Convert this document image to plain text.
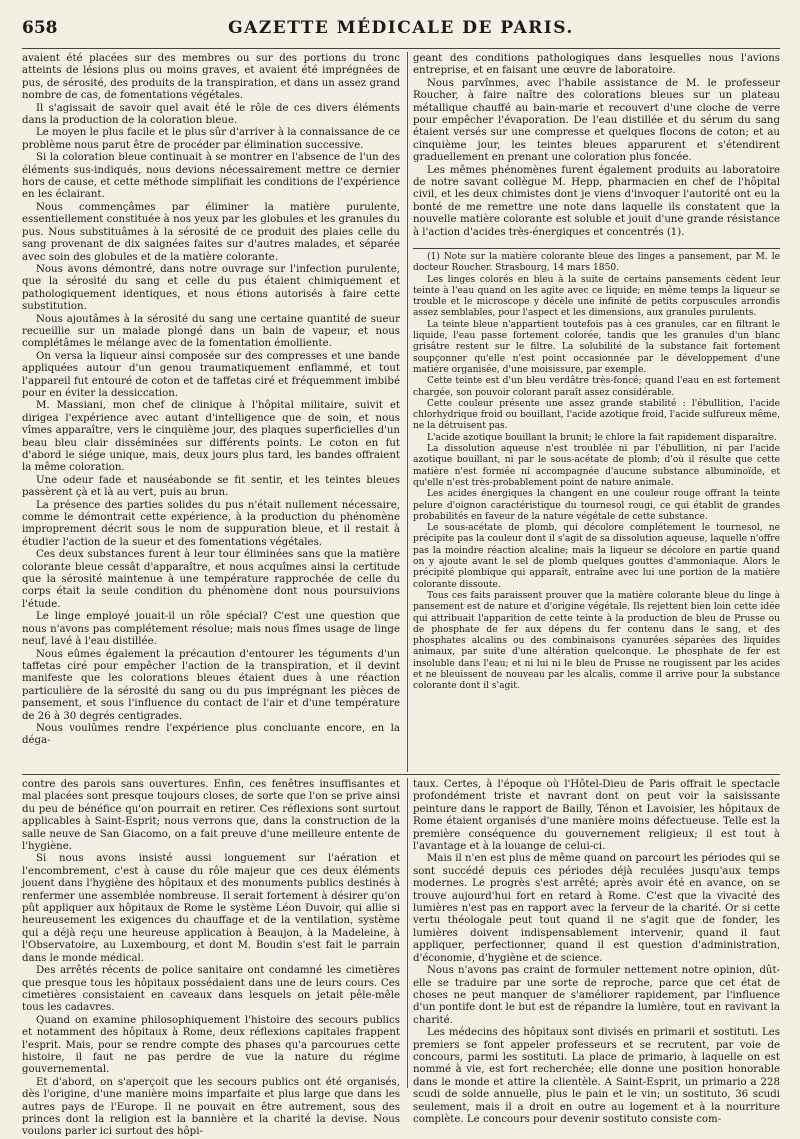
658	GAZETTE MÉDICALE DE PARIS.

avaient été placées sur des membres ou sur des portions du tronc atteints de lésions plus ou moins graves, et avaient été imprégnées de pus, de sérosité, des produits de la transpiration, et dans un assez grand nombre de cas, de fomentations végétales.

Il s'agissait de savoir quel avait été le rôle de ces divers éléments dans la production de la coloration bleue.

Le moyen le plus facile et le plus sûr d'arriver à la connaissance de ce problème nous parut être de procéder par élimination successive.

Si la coloration bleue continuait à se montrer en l'absence de l'un des éléments sus-indiqués, nous devions nécessairement mettre ce dernier hors de cause, et cette méthode simplifiait les conditions de l'expérience en les éclairant.

Nous commençâmes par éliminer la matière purulente, essentiellement constituée à nos yeux par les globules et les granules du pus. Nous substituâmes à la sérosité de ce produit des plaies celle du sang provenant de dix saignées faites sur d'autres malades, et séparée avec soin des globules et de la matière colorante.

Nous avons démontré, dans notre ouvrage sur l'infection purulente, que la sérosité du sang et celle du pus étaient chimiquement et pathologiquement identiques, et nous étions autorisés à faire cette substitution.

Nous ajoutâmes à la sérosité du sang une certaine quantité de sueur recueillie sur un malade plongé dans un bain de vapeur, et nous complétâmes le mélange avec de la fomentation émolliente.

On versa la liqueur ainsi composée sur des compresses et une bande appliquées autour d'un genou traumatiquement enflammé, et tout l'appareil fut entouré de coton et de taffetas ciré et fréquemment imbibé pour en éviter la dessiccation.

M. Massiani, mon chef de clinique à l'hôpital militaire, suivit et dirigea l'expérience avec autant d'intelligence que de soin, et nous vîmes apparaître, vers le cinquième jour, des plaques superficielles d'un beau bleu clair disséminées sur différents points. Le coton en fut d'abord le siége unique, mais, deux jours plus tard, les bandes offraient la même coloration.

Une odeur fade et nauséabonde se fit sentir, et les teintes bleues passèrent çà et là au vert, puis au brun.

La présence des parties solides du pus n'était nullement nécessaire, comme le démontrait cette expérience, à la production du phénomène improprement décrit sous le nom de suppuration bleue, et il restait à étudier l'action de la sueur et des fomentations végétales.

Ces deux substances furent à leur tour éliminées sans que la matière colorante bleue cessât d'apparaître, et nous acquîmes ainsi la certitude que la sérosité maintenue à une température rapprochée de celle du corps était la seule condition du phénomène dont nous poursuivions l'étude.

Le linge employé jouait-il un rôle spécial? C'est une question que nous n'avons pas complétement résolue; mais nous fîmes usage de linge neuf, lavé à l'eau distillée.

Nous eûmes également la précaution d'entourer les téguments d'un taffetas ciré pour empêcher l'action de la transpiration, et il devint manifeste que les colorations bleues étaient dues à une réaction particulière de la sérosité du sang ou du pus imprégnant les pièces de pansement, et sous l'influence du contact de l'air et d'une température de 26 à 30 degrés centigrades.

Nous voulûmes rendre l'expérience plus concluante encore, en la déga-

geant des conditions pathologiques dans lesquelles nous l'avions entreprise, et en faisant une œuvre de laboratoire.

Nous parvînmes, avec l'habile assistance de M. le professeur Roucher, à faire naître des colorations bleues sur un plateau métallique chauffé au bain-marie et recouvert d'une cloche de verre pour empêcher l'évaporation. De l'eau distillée et du sérum du sang étaient versés sur une compresse et quelques flocons de coton; et au cinquième jour, les teintes bleues apparurent et s'étendirent graduellement en prenant une coloration plus foncée.

Les mêmes phénomènes furent également produits au laboratoire de notre savant collègue M. Hepp, pharmacien en chef de l'hôpital civil, et les deux chimistes dont je viens d'invoquer l'autorité ont eu la bonté de me remettre une note dans laquelle ils constatent que la nouvelle matière colorante est soluble et jouit d'une grande résistance à l'action d'acides très-énergiques et concentrés (1).

(1) Note sur la matière colorante bleue des linges a pansement, par M. le docteur Roucher. Strasbourg, 14 mars 1850.

Les linges colorés en bleu à la suite de certains pansements cèdent leur teinte à l'eau quand on les agite avec ce liquide; en même temps la liqueur se trouble et le microscope y décèle une infinité de petits corpuscules arrondis assez semblables, pour l'aspect et les dimensions, aux granules purulents.

La teinte bleue n'appartient toutefois pas à ces granules, car en filtrant le liquide, l'eau passe fortement colorée, tandis que les granules d'un blanc grisâtre restent sur le filtre. La solubilité de la substance fait fortement soupçonner qu'elle n'est point occasionnée par le développement d'une matière organisée, d'une moisissure, par exemple.

Cette teinte est d'un bleu verdâtre très-foncé; quand l'eau en est fortement chargée, son pouvoir colorant paraît assez considérable.

Cette couleur présente une assez grande stabilité : l'ébullition, l'acide chlorhydrique froid ou bouillant, l'acide azotique froid, l'acide sulfureux même, ne la détruisent pas.

L'acide azotique bouillant la brunit; le chlore la fait rapidement disparaître.

La dissolution aqueuse n'est troublée ni par l'ébullition, ni par l'acide azotique bouillant, ni par le sous-acétate de plomb; d'où il résulte que cette matière n'est formée ni accompagnée d'aucune substance albuminoïde, et qu'elle n'est très-probablement point de nature animale.

Les acides énergiques la changent en une couleur rouge offrant la teinte pelure d'oignon caractéristique du tournesol rougi, ce qui établit de grandes probabilités en faveur de la nature végétale de cette substance.

Le sous-acétate de plomb, qui décolore complétement le tournesol, ne précipite pas la couleur dont il s'agit de sa dissolution aqueuse, laquelle n'offre pas la moindre réaction alcaline; mais la liqueur se décolore en partie quand on y ajoute avant le sel de plomb quelques gouttes d'ammoniaque. Alors le précipité plombique qui apparaît, entraîne avec lui une portion de la matière colorante dissoute.

Tous ces faits paraissent prouver que la matière colorante bleue du linge à pansement est de nature et d'origine végétale. Ils rejettent bien loin cette idée qui attribuait l'apparition de cette teinte à la production de bleu de Prusse ou de phosphate de fer aux dépens du fer contenu dans le sang, et des phosphates alcalins ou des combinaisons cyanurées séparées des liquides animaux, par suite d'une altération quelconque. Le phosphate de fer est insoluble dans l'eau; et ni lui ni le bleu de Prusse ne rougissent par les acides et ne bleuissent de nouveau par les alcalis, comme il arrive pour la substance colorante dont il s'agit.

contre des parois sans ouvertures. Enfin, ces fenêtres insuffisantes et mal placées sont presque toujours closes, de sorte que l'on se prive ainsi du peu de bénéfice qu'on pourrait en retirer. Ces réflexions sont surtout applicables à Saint-Esprit; nous verrons que, dans la construction de la salle neuve de San Giacomo, on a fait preuve d'une meilleure entente de l'hygiène.

Si nous avons insisté aussi longuement sur l'aération et l'encombrement, c'est à cause du rôle majeur que ces deux éléments jouent dans l'hygiène des hôpitaux et des monuments publics destinés à renfermer une assemblée nombreuse. Il serait fortement à désirer qu'on pût appliquer aux hôpitaux de Rome le système Léon Duvoir, qui allie si heureusement les exigences du chauffage et de la ventilation, système qui a déjà reçu une heureuse application à Beaujon, à la Madeleine, à l'Observatoire, au Luxembourg, et dont M. Boudin s'est fait le parrain dans le monde médical.

Des arrêtés récents de police sanitaire ont condamné les cimetières que presque tous les hôpitaux possédaient dans une de leurs cours. Ces cimetières consistaient en caveaux dans lesquels on jetait pêle-mêle tous les cadavres.

Quand on examine philosophiquement l'histoire des secours publics et notamment des hôpitaux à Rome, deux réflexions capitales frappent l'esprit. Mais, pour se rendre compte des phases qu'a parcourues cette histoire, il faut ne pas perdre de vue la nature du régime gouvernemental.

Et d'abord, on s'aperçoit que les secours publics ont été organisés, dès l'origine, d'une manière moins imparfaite et plus large que dans les autres pays de l'Europe. Il ne pouvait en être autrement, sous des princes dont la religion est la bannière et la charité la devise. Nous voulons parler ici surtout des hôpi-

taux. Certes, à l'époque où l'Hôtel-Dieu de Paris offrait le spectacle profondément triste et navrant dont on peut voir la saisissante peinture dans le rapport de Bailly, Ténon et Lavoisier, les hôpitaux de Rome étaient organisés d'une manière moins défectueuse. Telle est la première conséquence du gouvernement religieux; il est tout à l'avantage et à la louange de celui-ci.

Mais il n'en est plus de même quand on parcourt les périodes qui se sont succédé depuis ces périodes déjà reculées jusqu'aux temps modernes. Le progrès s'est arrêté; après avoir été en avance, on se trouve aujourd'hui fort en retard à Rome. C'est que la vivacité des lumières n'est pas en rapport avec la ferveur de la charité. Or si cette vertu théologale peut tout quand il ne s'agit que de fonder, les lumières doivent indispensablement intervenir, quand il faut appliquer, perfectionner, quand il est question d'administration, d'économie, d'hygiène et de science.

Nous n'avons pas craint de formuler nettement notre opinion, dût-elle se traduire par une sorte de reproche, parce que cet état de choses ne peut manquer de s'améliorer rapidement, par l'influence d'un pontife dont le but est de répandre la lumière, tout en ravivant la charité.

Les médecins des hôpitaux sont divisés en primarii et sostituti. Les premiers se font appeler professeurs et se recrutent, par voie de concours, parmi les sostituti. La place de primario, à laquelle on est nommé à vie, est fort recherchée; elle donne une position honorable dans le monde et attire la clientèle. A Saint-Esprit, un primario a 228 scudi de solde annuelle, plus le pain et le vin; un sostituto, 36 scudi seulement, mais il a droit en outre au logement et à la nourriture complète. Le concours pour devenir sostituto consiste com-
